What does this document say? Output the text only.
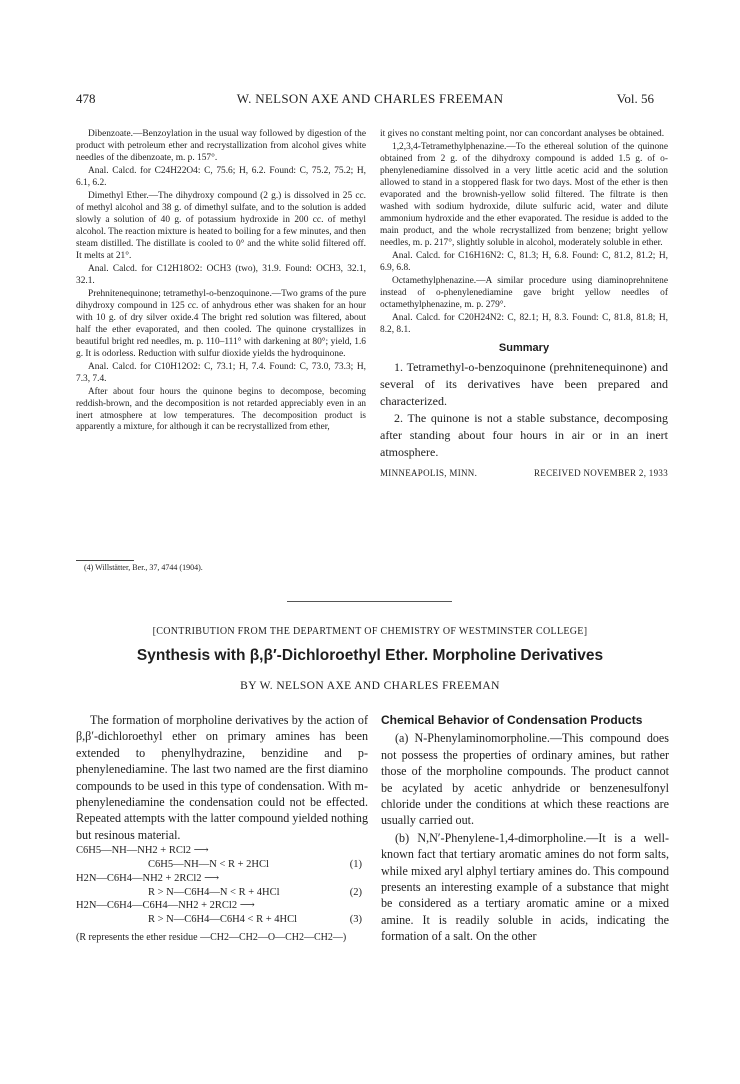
478	W. NELSON AXE AND CHARLES FREEMAN	Vol. 56

Dibenzoate.—Benzoylation in the usual way followed by digestion of the product with petroleum ether and recrystallization from alcohol gives white needles of the dibenzoate, m. p. 157°.

Anal. Calcd. for C24H22O4: C, 75.6; H, 6.2. Found: C, 75.2, 75.2; H, 6.1, 6.2.

Dimethyl Ether.—The dihydroxy compound (2 g.) is dissolved in 25 cc. of methyl alcohol and 38 g. of dimethyl sulfate, and to the solution is added slowly a solution of 40 g. of potassium hydroxide in 200 cc. of methyl alcohol. The reaction mixture is heated to boiling for a few minutes, and then steam distilled. The distillate is cooled to 0° and the white solid filtered off. It melts at 21°.

Anal. Calcd. for C12H18O2: OCH3 (two), 31.9. Found: OCH3, 32.1, 32.1.

Prehnitenequinone; tetramethyl-o-benzoquinone.—Two grams of the pure dihydroxy compound in 125 cc. of anhydrous ether was shaken for an hour with 10 g. of dry silver oxide.4 The bright red solution was filtered, about half the ether evaporated, and then cooled. The quinone crystallizes in beautiful bright red needles, m. p. 110–111° with darkening at 80°; yield, 1.6 g. It is odorless. Reduction with sulfur dioxide yields the hydroquinone.

Anal. Calcd. for C10H12O2: C, 73.1; H, 7.4. Found: C, 73.0, 73.3; H, 7.3, 7.4.

After about four hours the quinone begins to decompose, becoming reddish-brown, and the decomposition is not retarded appreciably even in an inert atmosphere at low temperatures. The decomposition product is apparently a mixture, for although it can be recrystallized from ether,

(4) Willstätter, Ber., 37, 4744 (1904).

it gives no constant melting point, nor can concordant analyses be obtained.

1,2,3,4-Tetramethylphenazine.—To the ethereal solution of the quinone obtained from 2 g. of the dihydroxy compound is added 1.5 g. of o-phenylenediamine dissolved in a very little acetic acid and the solution allowed to stand in a stoppered flask for two days. Most of the ether is then evaporated and the brownish-yellow solid filtered. The filtrate is then washed with sodium hydroxide, dilute sulfuric acid, water and dilute ammonium hydroxide and the ether evaporated. The residue is added to the main product, and the whole recrystallized from benzene; bright yellow needles, m. p. 217°, slightly soluble in alcohol, moderately soluble in ether.

Anal. Calcd. for C16H16N2: C, 81.3; H, 6.8. Found: C, 81.2, 81.2; H, 6.9, 6.8.

Octamethylphenazine.—A similar procedure using diaminoprehnitene instead of o-phenylenediamine gave bright yellow needles of octamethylphenazine, m. p. 279°.

Anal. Calcd. for C20H24N2: C, 82.1; H, 8.3. Found: C, 81.8, 81.8; H, 8.2, 8.1.

Summary

1. Tetramethyl-o-benzoquinone (prehnitenequinone) and several of its derivatives have been prepared and characterized.

2. The quinone is not a stable substance, decomposing after standing about four hours in air or in an inert atmosphere.

MINNEAPOLIS, MINN.	RECEIVED NOVEMBER 2, 1933
[CONTRIBUTION FROM THE DEPARTMENT OF CHEMISTRY OF WESTMINSTER COLLEGE]
Synthesis with β,β′-Dichloroethyl Ether. Morpholine Derivatives
BY W. NELSON AXE AND CHARLES FREEMAN

The formation of morpholine derivatives by the action of β,β′-dichloroethyl ether on primary amines has been extended to phenylhydrazine, benzidine and p-phenylenediamine. The last two named are the first diamino compounds to be used in this type of condensation. With m-phenylenediamine the condensation could not be effected. Repeated attempts with the latter compound yielded nothing but resinous material.

C6H5—NH—NH2 + RCl2 ⟶
C6H5—NH—N < R + 2HCl	(1)
H2N—C6H4—NH2 + 2RCl2 ⟶
R > N—C6H4—N < R + 4HCl	(2)
H2N—C6H4—C6H4—NH2 + 2RCl2 ⟶
R > N—C6H4—C6H4 < R + 4HCl	(3)
(R represents the ether residue —CH2—CH2—O—CH2—CH2—)
Chemical Behavior of Condensation Products

(a) N-Phenylaminomorpholine.—This compound does not possess the properties of ordinary amines, but rather those of the morpholine compounds. The product cannot be acylated by acetic anhydride or benzenesulfonyl chloride under the conditions at which these reactions are usually carried out.

(b) N,N′-Phenylene-1,4-dimorpholine.—It is a well-known fact that tertiary aromatic amines do not form salts, while mixed aryl alphyl tertiary amines do. This compound presents an interesting example of a substance that might be considered as a tertiary aromatic amine or a mixed amine. It is readily soluble in acids, indicating the formation of a salt. On the other
